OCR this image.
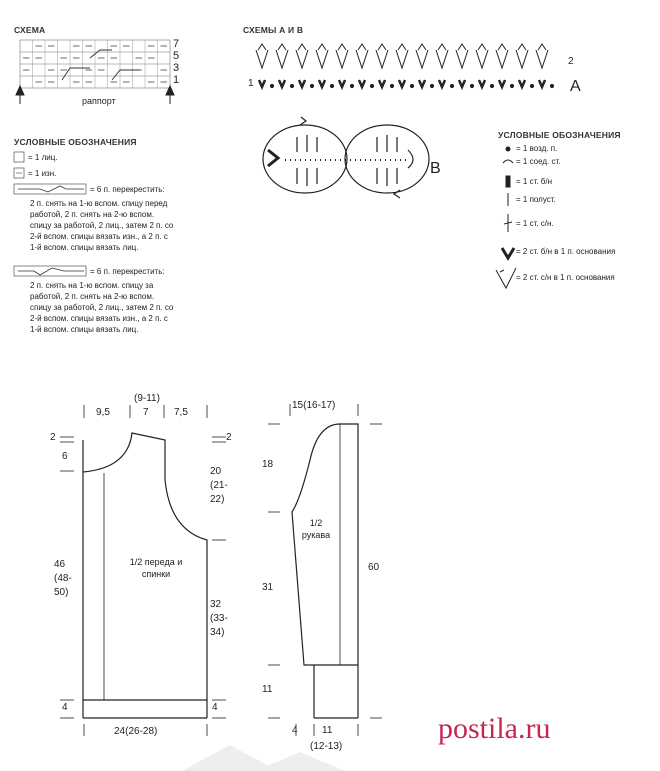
СХЕМА
7
5
3
1
раппорт
УСЛОВНЫЕ ОБОЗНАЧЕНИЯ
= 1 лиц.
= 1 изн.
= 6 п. перекрестить:
2 п. снять на 1-ю вспом. спицу перед
работой, 2 п. снять на 2-ю вспом.
спицу за работой, 2 лиц., затем 2 п. со
2-й вспом. спицы вязать изн., а 2 п. с
1-й вспом. спицы вязать лиц.
= 6 п. перекрестить:
2 п. снять на 1-ю вспом. спицу за
работой, 2 п. снять на 2-ю вспом.
спицу за работой, 2 лиц., затем 2 п. со
2-й вспом. спицы вязать изн., а 2 п. с
1-й вспом. спицы вязать лиц.
СХЕМЫ А И В
А
В
1
2
УСЛОВНЫЕ ОБОЗНАЧЕНИЯ
= 1 возд. п.
= 1 соед. ст.
= 1 ст. б/н
= 1 полуст.
= 1 ст. с/н.
= 2 ст. б/н в 1 п. основания
= 2 ст. с/н в 1 п. основания
(9-11)
9,5	7	7,5
2
6
2
20
(21-
22)
46
(48-
50)
32
(33-
34)
4	4
24(26-28)
1/2 переда и
спинки
15(16-17)
18
31
11
60
4 11
(12-13)
1/2
рукава
postila.ru
